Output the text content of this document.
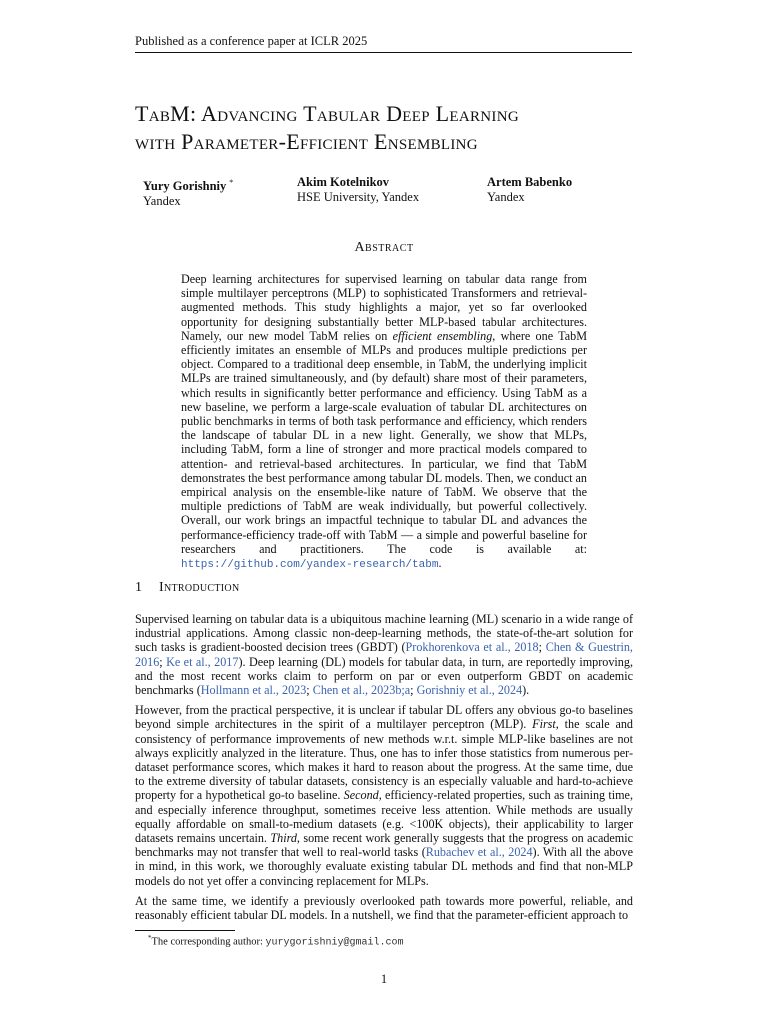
Published as a conference paper at ICLR 2025
TabM: Advancing Tabular Deep Learning
with Parameter-Efficient Ensembling
Yury Gorishniy *
Yandex
Akim Kotelnikov
HSE University, Yandex
Artem Babenko
Yandex
Abstract
Deep learning architectures for supervised learning on tabular data range from simple multilayer perceptrons (MLP) to sophisticated Transformers and retrieval-augmented methods. This study highlights a major, yet so far overlooked opportunity for designing substantially better MLP-based tabular architectures. Namely, our new model TabM relies on efficient ensembling, where one TabM efficiently imitates an ensemble of MLPs and produces multiple predictions per object. Compared to a traditional deep ensemble, in TabM, the underlying implicit MLPs are trained simultaneously, and (by default) share most of their parameters, which results in significantly better performance and efficiency. Using TabM as a new baseline, we perform a large-scale evaluation of tabular DL architectures on public benchmarks in terms of both task performance and efficiency, which renders the landscape of tabular DL in a new light. Generally, we show that MLPs, including TabM, form a line of stronger and more practical models compared to attention- and retrieval-based architectures. In particular, we find that TabM demonstrates the best performance among tabular DL models. Then, we conduct an empirical analysis on the ensemble-like nature of TabM. We observe that the multiple predictions of TabM are weak individually, but powerful collectively. Overall, our work brings an impactful technique to tabular DL and advances the performance-efficiency trade-off with TabM — a simple and powerful baseline for researchers and practitioners. The code is available at: https://github.com/yandex-research/tabm.
1 Introduction

Supervised learning on tabular data is a ubiquitous machine learning (ML) scenario in a wide range of industrial applications. Among classic non-deep-learning methods, the state-of-the-art solution for such tasks is gradient-boosted decision trees (GBDT) (Prokhorenkova et al., 2018; Chen & Guestrin, 2016; Ke et al., 2017). Deep learning (DL) models for tabular data, in turn, are reportedly improving, and the most recent works claim to perform on par or even outperform GBDT on academic benchmarks (Hollmann et al., 2023; Chen et al., 2023b;a; Gorishniy et al., 2024).

However, from the practical perspective, it is unclear if tabular DL offers any obvious go-to baselines beyond simple architectures in the spirit of a multilayer perceptron (MLP). First, the scale and consistency of performance improvements of new methods w.r.t. simple MLP-like baselines are not always explicitly analyzed in the literature. Thus, one has to infer those statistics from numerous per-dataset performance scores, which makes it hard to reason about the progress. At the same time, due to the extreme diversity of tabular datasets, consistency is an especially valuable and hard-to-achieve property for a hypothetical go-to baseline. Second, efficiency-related properties, such as training time, and especially inference throughput, sometimes receive less attention. While methods are usually equally affordable on small-to-medium datasets (e.g. <100K objects), their applicability to larger datasets remains uncertain. Third, some recent work generally suggests that the progress on academic benchmarks may not transfer that well to real-world tasks (Rubachev et al., 2024). With all the above in mind, in this work, we thoroughly evaluate existing tabular DL methods and find that non-MLP models do not yet offer a convincing replacement for MLPs.

At the same time, we identify a previously overlooked path towards more powerful, reliable, and reasonably efficient tabular DL models. In a nutshell, we find that the parameter-efficient approach to

*The corresponding author: yurygorishniy@gmail.com
1
